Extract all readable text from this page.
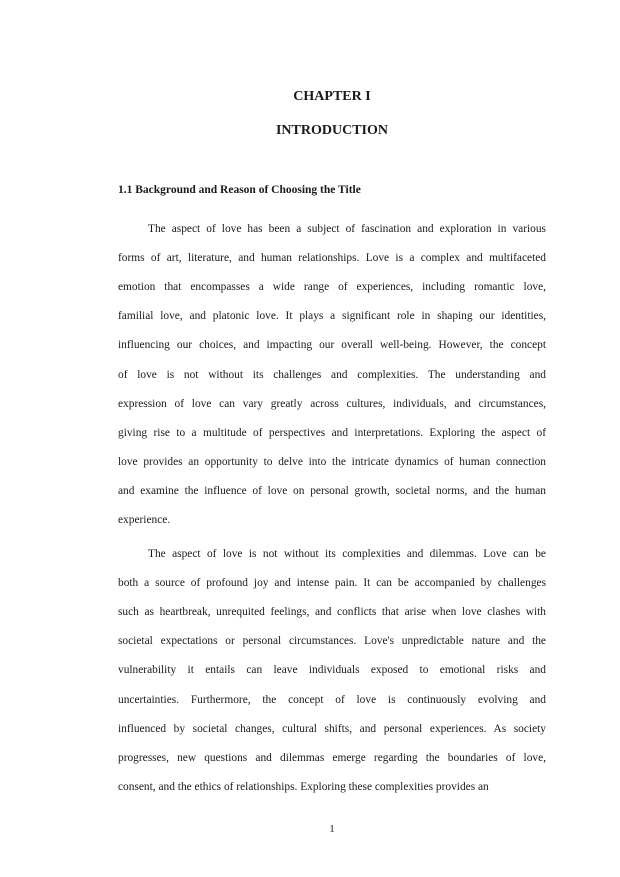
CHAPTER I
INTRODUCTION
1.1 Background and Reason of Choosing the Title
The aspect of love has been a subject of fascination and exploration in various
forms of art, literature, and human relationships. Love is a complex and multifaceted
emotion that encompasses a wide range of experiences, including romantic love,
familial love, and platonic love. It plays a significant role in shaping our identities,
influencing our choices, and impacting our overall well-being. However, the concept
of love is not without its challenges and complexities. The understanding and
expression of love can vary greatly across cultures, individuals, and circumstances,
giving rise to a multitude of perspectives and interpretations. Exploring the aspect of
love provides an opportunity to delve into the intricate dynamics of human connection
and examine the influence of love on personal growth, societal norms, and the human
experience.
The aspect of love is not without its complexities and dilemmas. Love can be
both a source of profound joy and intense pain. It can be accompanied by challenges
such as heartbreak, unrequited feelings, and conflicts that arise when love clashes with
societal expectations or personal circumstances. Love's unpredictable nature and the
vulnerability it entails can leave individuals exposed to emotional risks and
uncertainties. Furthermore, the concept of love is continuously evolving and
influenced by societal changes, cultural shifts, and personal experiences. As society
progresses, new questions and dilemmas emerge regarding the boundaries of love,
consent, and the ethics of relationships. Exploring these complexities provides an
1
